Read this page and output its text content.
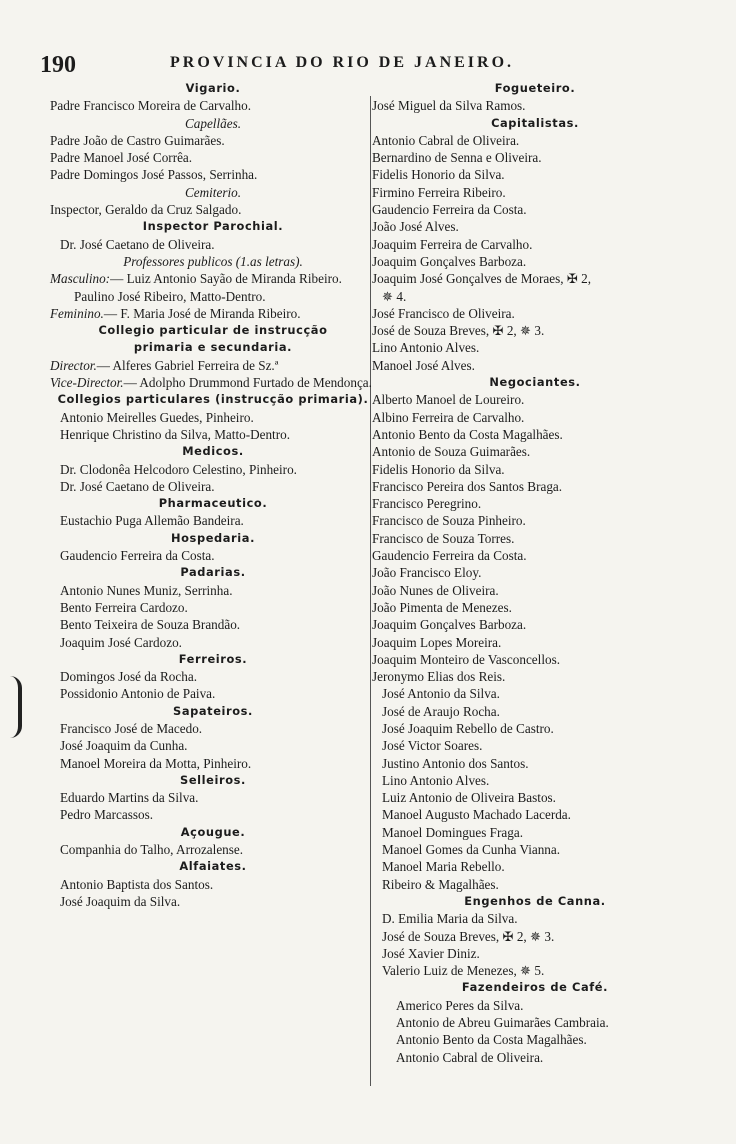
190	PROVINCIA DO RIO DE JANEIRO.

Vigario.

Padre Francisco Moreira de Carvalho.

Capellães.

Padre João de Castro Guimarães.

Padre Manoel José Corrêa.

Padre Domingos José Passos, Serrinha.

Cemiterio.

Inspector, Geraldo da Cruz Salgado.

Inspector Parochial.

Dr. José Caetano de Oliveira.

Professores publicos (1.as letras).

Masculino:— Luiz Antonio Sayão de Miranda Ribeiro.

Paulino José Ribeiro, Matto-Dentro.

Feminino.— F. Maria José de Miranda Ribeiro.

Collegio particular de instrucção

primaria e secundaria.

Director.— Alferes Gabriel Ferreira de Sz.ª

Vice-Director.— Adolpho Drummond Furtado de Mendonça.

Collegios particulares (instrucção primaria).

Antonio Meirelles Guedes, Pinheiro.

Henrique Christino da Silva, Matto-Dentro.

Medicos.

Dr. Clodonêa Helcodoro Celestino, Pinheiro.

Dr. José Caetano de Oliveira.

Pharmaceutico.

Eustachio Puga Allemão Bandeira.

Hospedaria.

Gaudencio Ferreira da Costa.

Padarias.

Antonio Nunes Muniz, Serrinha.

Bento Ferreira Cardozo.

Bento Teixeira de Souza Brandão.

Joaquim José Cardozo.

Ferreiros.

Domingos José da Rocha.

Possidonio Antonio de Paiva.

Sapateiros.

Francisco José de Macedo.

José Joaquim da Cunha.

Manoel Moreira da Motta, Pinheiro.

Selleiros.

Eduardo Martins da Silva.

Pedro Marcassos.

Açougue.

Companhia do Talho, Arrozalense.

Alfaiates.

Antonio Baptista dos Santos.

José Joaquim da Silva.

Fogueteiro.

José Miguel da Silva Ramos.

Capitalistas.

Antonio Cabral de Oliveira.

Bernardino de Senna e Oliveira.

Fidelis Honorio da Silva.

Firmino Ferreira Ribeiro.

Gaudencio Ferreira da Costa.

João José Alves.

Joaquim Ferreira de Carvalho.

Joaquim Gonçalves Barboza.

Joaquim José Gonçalves de Moraes, ✠ 2,

✵ 4.

José Francisco de Oliveira.

José de Souza Breves, ✠ 2, ✵ 3.

Lino Antonio Alves.

Manoel José Alves.

Negociantes.

Alberto Manoel de Loureiro.

Albino Ferreira de Carvalho.

Antonio Bento da Costa Magalhães.

Antonio de Souza Guimarães.

Fidelis Honorio da Silva.

Francisco Pereira dos Santos Braga.

Francisco Peregrino.

Francisco de Souza Pinheiro.

Francisco de Souza Torres.

Gaudencio Ferreira da Costa.

João Francisco Eloy.

João Nunes de Oliveira.

João Pimenta de Menezes.

Joaquim Gonçalves Barboza.

Joaquim Lopes Moreira.

Joaquim Monteiro de Vasconcellos.

Jeronymo Elias dos Reis.

José Antonio da Silva.

José de Araujo Rocha.

José Joaquim Rebello de Castro.

José Victor Soares.

Justino Antonio dos Santos.

Lino Antonio Alves.

Luiz Antonio de Oliveira Bastos.

Manoel Augusto Machado Lacerda.

Manoel Domingues Fraga.

Manoel Gomes da Cunha Vianna.

Manoel Maria Rebello.

Ribeiro & Magalhães.

Engenhos de Canna.

D. Emilia Maria da Silva.

José de Souza Breves, ✠ 2, ✵ 3.

José Xavier Diniz.

Valerio Luiz de Menezes, ✵ 5.

Fazendeiros de Café.

Americo Peres da Silva.

Antonio de Abreu Guimarães Cambraia.

Antonio Bento da Costa Magalhães.

Antonio Cabral de Oliveira.
